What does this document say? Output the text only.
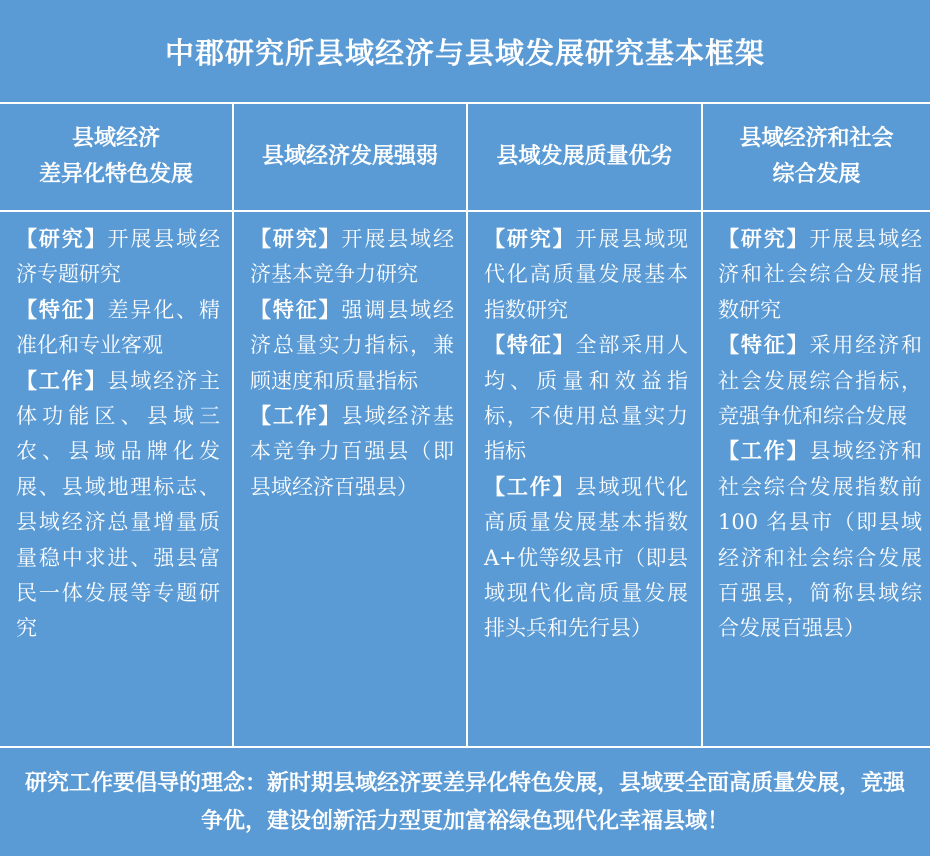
中郡研究所县域经济与县域发展研究基本框架
县域经济
差异化特色发展
【研究】开展县域经济专题研究
【特征】差异化、精准化和专业客观
【工作】县域经济主体功能区、县域三农、县域品牌化发展、县域地理标志、县域经济总量增量质量稳中求进、强县富民一体发展等专题研究
县域经济发展强弱
【研究】开展县域经济基本竞争力研究
【特征】强调县域经济总量实力指标，兼顾速度和质量指标
【工作】县域经济基本竞争力百强县（即县域经济百强县）
县域发展质量优劣
【研究】开展县域现代化高质量发展基本指数研究
【特征】全部采用人均、质量和效益指标，不使用总量实力指标
【工作】县域现代化高质量发展基本指数A+优等级县市（即县域现代化高质量发展排头兵和先行县）
县域经济和社会
综合发展
【研究】开展县域经济和社会综合发展指数研究
【特征】采用经济和社会发展综合指标，竞强争优和综合发展
【工作】县域经济和社会综合发展指数前 100 名县市（即县域经济和社会综合发展百强县，简称县域综合发展百强县）
研究工作要倡导的理念：新时期县域经济要差异化特色发展，县域要全面高质量发展，竞强争优，建设创新活力型更加富裕绿色现代化幸福县域！
